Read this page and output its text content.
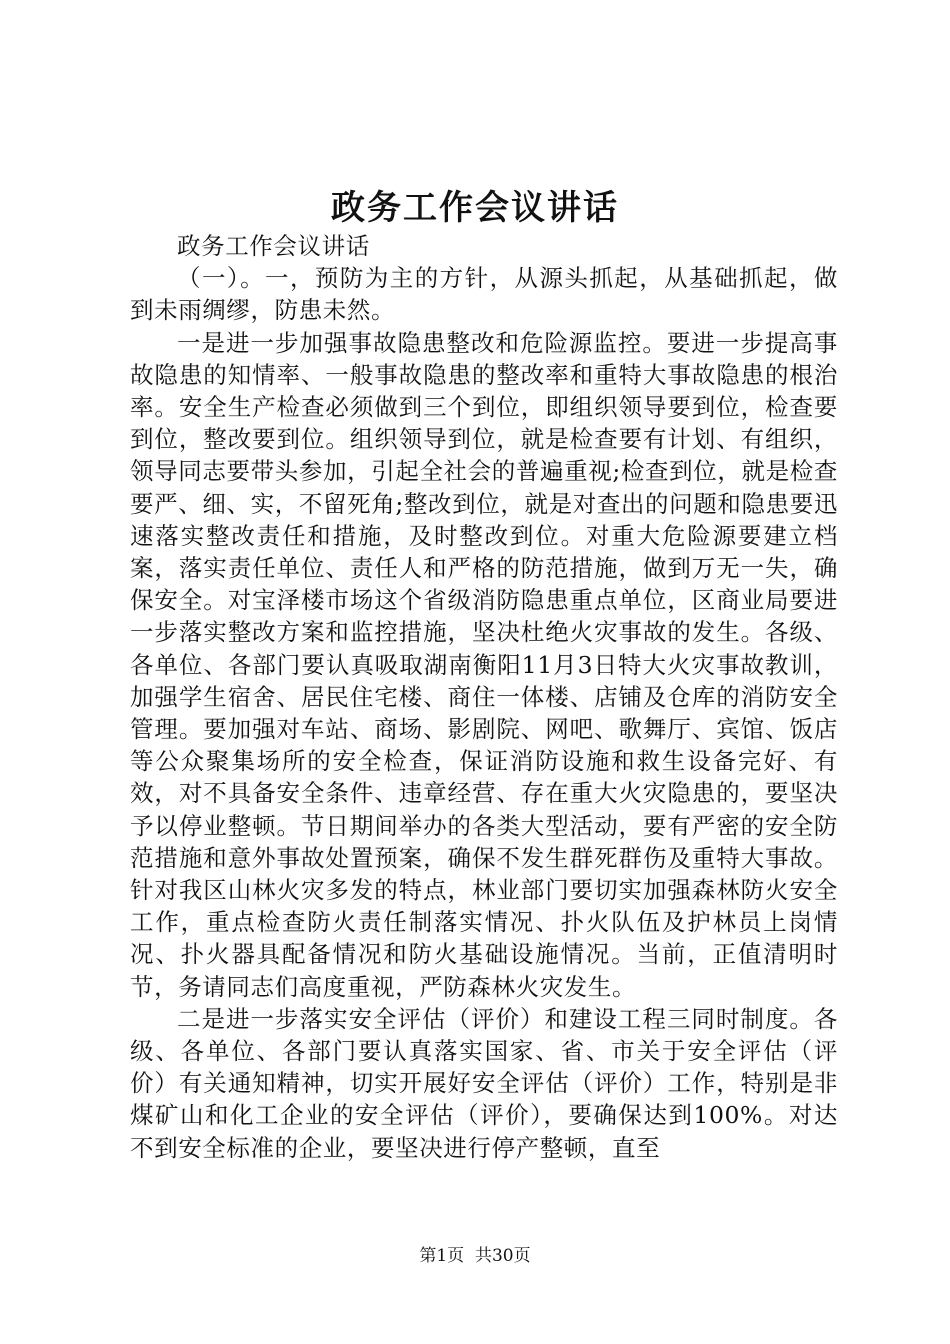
政务工作会议讲话

政务工作会议讲话

（一）。一，预防为主的方针，从源头抓起，从基础抓起，做到未雨绸缪，防患未然。

一是进一步加强事故隐患整改和危险源监控。要进一步提高事故隐患的知情率、一般事故隐患的整改率和重特大事故隐患的根治率。安全生产检查必须做到三个到位，即组织领导要到位，检查要到位，整改要到位。组织领导到位，就是检查要有计划、有组织，领导同志要带头参加，引起全社会的普遍重视;检查到位，就是检查要严、细、实，不留死角;整改到位，就是对查出的问题和隐患要迅速落实整改责任和措施，及时整改到位。对重大危险源要建立档案，落实责任单位、责任人和严格的防范措施，做到万无一失，确保安全。对宝泽楼市场这个省级消防隐患重点单位，区商业局要进一步落实整改方案和监控措施，坚决杜绝火灾事故的发生。各级、各单位、各部门要认真吸取湖南衡阳11月3日特大火灾事故教训，加强学生宿舍、居民住宅楼、商住一体楼、店铺及仓库的消防安全管理。要加强对车站、商场、影剧院、网吧、歌舞厅、宾馆、饭店等公众聚集场所的安全检查，保证消防设施和救生设备完好、有效，对不具备安全条件、违章经营、存在重大火灾隐患的，要坚决予以停业整顿。节日期间举办的各类大型活动，要有严密的安全防范措施和意外事故处置预案，确保不发生群死群伤及重特大事故。针对我区山林火灾多发的特点，林业部门要切实加强森林防火安全工作，重点检查防火责任制落实情况、扑火队伍及护林员上岗情况、扑火器具配备情况和防火基础设施情况。当前，正值清明时节，务请同志们高度重视，严防森林火灾发生。

二是进一步落实安全评估（评价）和建设工程三同时制度。各级、各单位、各部门要认真落实国家、省、市关于安全评估（评价）有关通知精神，切实开展好安全评估（评价）工作，特别是非煤矿山和化工企业的安全评估（评价），要确保达到100%。对达不到安全标准的企业，要坚决进行停产整顿，直至

第1页  共30页
